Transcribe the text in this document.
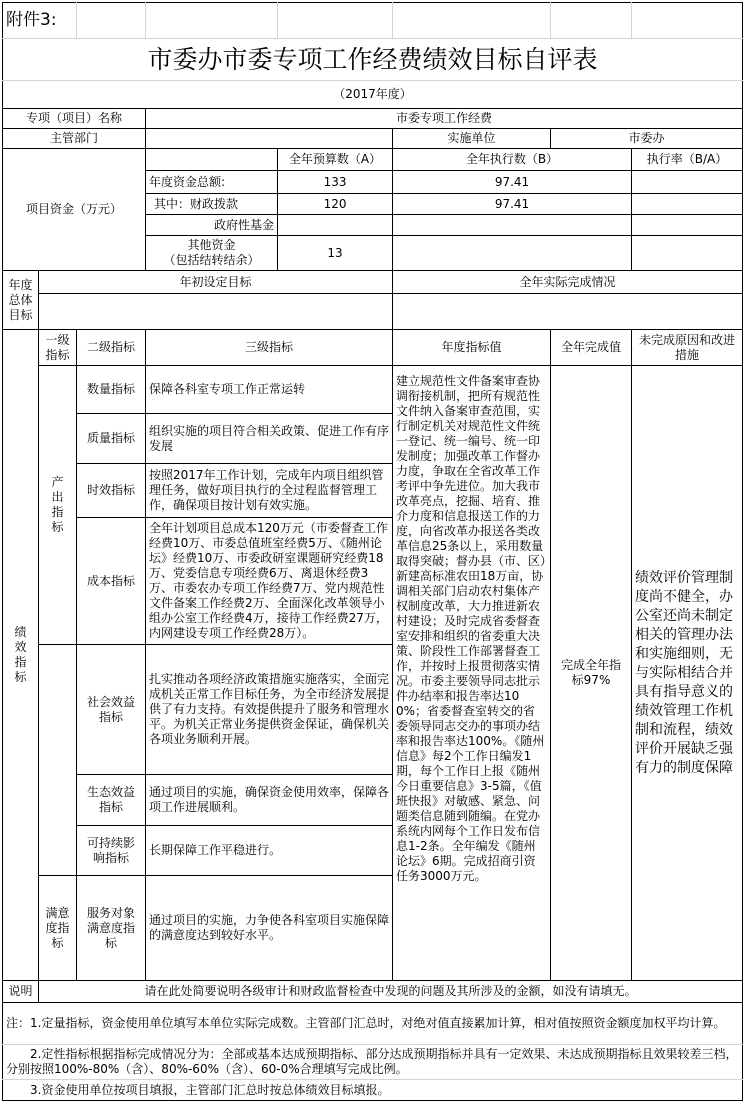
附件3:							
市委办市委专项工作经费绩效目标自评表							
（2017年度）							
专项（项目）名称			市委专项工作经费				
主管部门					实施单位	市委办	
项目资金（万元）				全年预算数（A）	全年执行数（B）		执行率（B/A）
			年度资金总额:	133	97.41		
			其中：财政拨款	120	97.41		
			政府性基金				
			其他资金
（包括结转结余）	13			
年度总体目标	年初设定目标				全年实际完成情况		

绩效指标	一级指标	二级指标	三级指标		年度指标值	全年完成值	未完成原因和改进措施
	产出指标	数量指标	保障各科室专项工作正常运转		建立规范性文件备案审查协调衔接机制，把所有规范性文件纳入备案审查范围，实行制定机关对规范性文件统一登记、统一编号、统一印发制度；加强改革工作督办力度，争取在全省改革工作考评中争先进位。加大我市改革亮点，挖掘、培育、推介力度和信息报送工作的力度，向省改革办报送各类改革信息25条以上，采用数量取得突破；督办县（市、区）新建高标准农田18万亩，协调相关部门启动农村集体产权制度改革，大力推进新农村建设；及时完成省委督查室安排和组织的省委重大决策、阶段性工作部署督查工作，并按时上报贯彻落实情况。市委主要领导同志批示件办结率和报告率达100%；省委督查室转交的省委领导同志交办的事项办结率和报告率达100%。《随州信息》每2个工作日编发1期，每个工作日上报《随州今日重要信息》3-5篇，《值班快报》对敏感、紧急、问题类信息随到随编。在党办系统内网每个工作日发布信息1-2条。全年编发《随州论坛》6期。完成招商引资任务3000万元。	完成全年指标97%	绩效评价管理制度尚不健全，办公室还尚未制定相关的管理办法和实施细则，无与实际相结合并具有指导意义的绩效管理工作机制和流程，绩效评价开展缺乏强有力的制度保障
		质量指标	组织实施的项目符合相关政策、促进工作有序发展				
		时效指标	按照2017年工作计划，完成年内项目组织管理任务，做好项目执行的全过程监督管理工作，确保项目按计划有效实施。				
		成本指标	全年计划项目总成本120万元（市委督查工作经费10万、市委总值班室经费5万、《随州论坛》经费10万、市委政研室课题研究经费18万、党委信息专项经费6万、离退休经费3万、市委农办专项工作经费7万、党内规范性文件备案工作经费2万、全面深化改革领导小组办公室工作经费4万，接待工作经费27万，内网建设专项工作经费28万）。				
		社会效益指标	扎实推动各项经济政策措施实施落实，全面完成机关正常工作目标任务，为全市经济发展提供了有力支持。有效提供提升了服务和管理水平。为机关正常业务提供资金保证，确保机关各项业务顺利开展。				
		生态效益指标	通过项目的实施，确保资金使用效率，保障各项工作进展顺利。				
		可持续影响指标	长期保障工作平稳进行。				
	满意度指标	服务对象满意度指标	通过项目的实施，力争使各科室项目实施保障的满意度达到较好水平。				
说明	请在此处简要说明各级审计和财政监督检查中发现的问题及其所涉及的金额，如没有请填无。						
注：1.定量指标，资金使用单位填写本单位实际完成数。主管部门汇总时，对绝对值直接累加计算，相对值按照资金额度加权平均计算。							
　　2.定性指标根据指标完成情况分为：全部或基本达成预期指标、部分达成预期指标并具有一定效果、未达成预期指标且效果较差三档，分别按照100%-80%（含）、80%-60%（含）、60-0%合理填写完成比例。							
　　3.资金使用单位按项目填报，主管部门汇总时按总体绩效目标填报。							
